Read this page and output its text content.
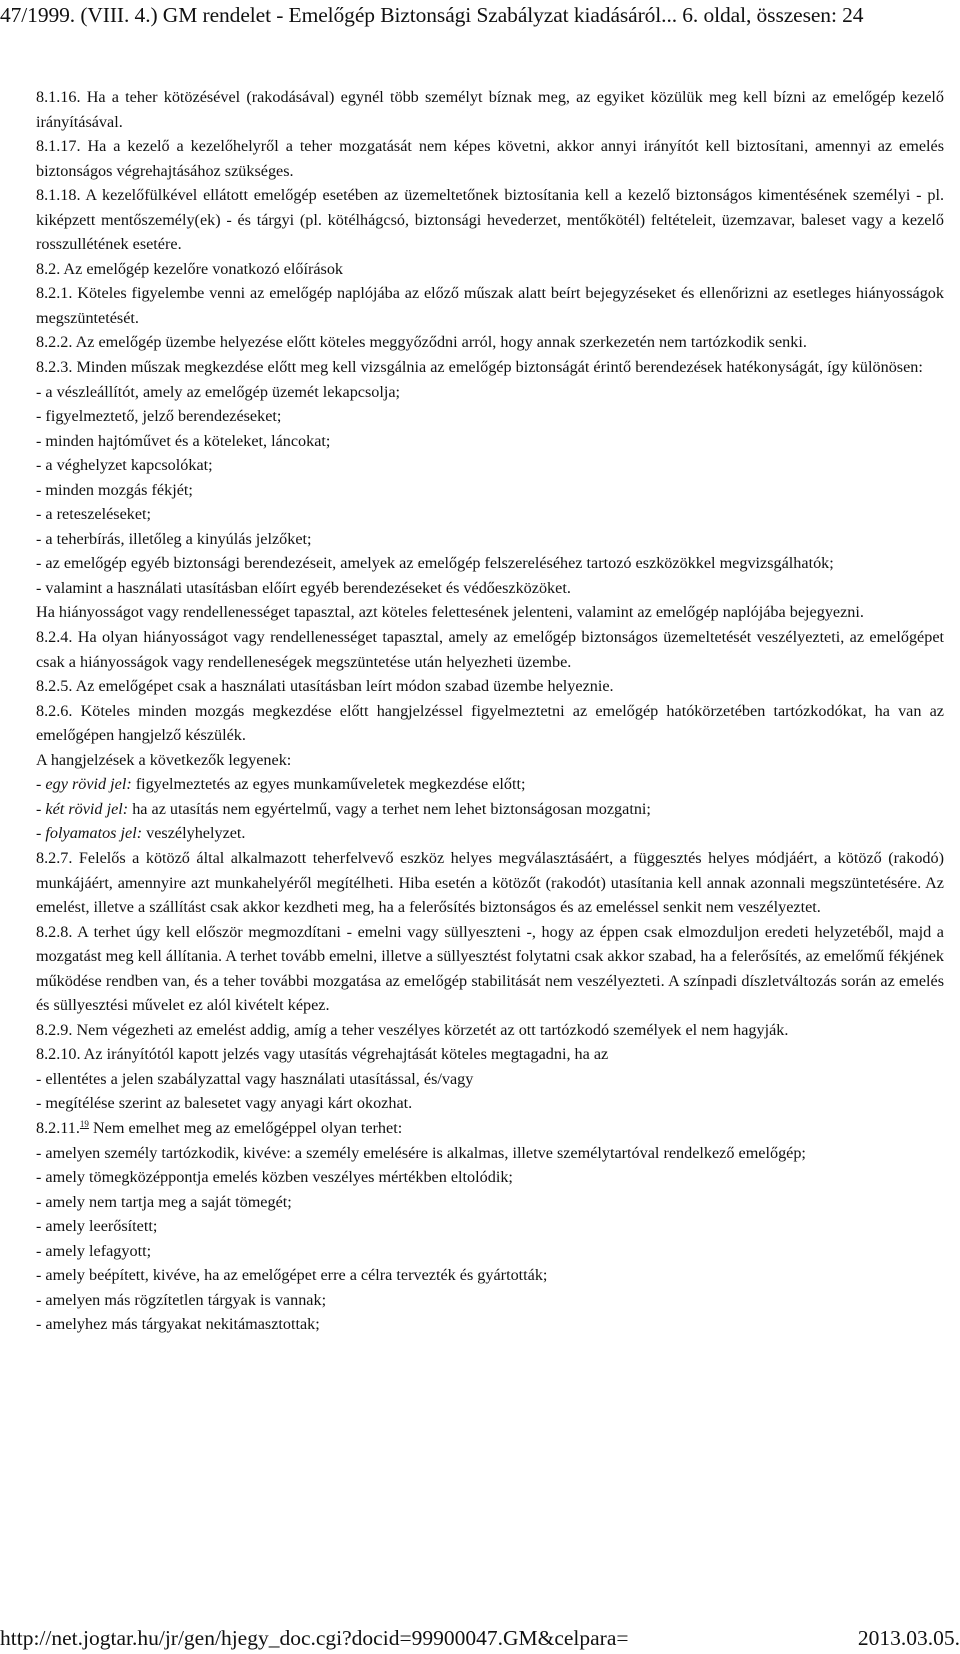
47/1999. (VIII. 4.) GM rendelet - Emelőgép Biztonsági Szabályzat kiadásáról... 6. oldal, összesen: 24

8.1.16. Ha a teher kötözésével (rakodásával) egynél több személyt bíznak meg, az egyiket közülük meg kell bízni az emelőgép kezelő irányításával.

8.1.17. Ha a kezelő a kezelőhelyről a teher mozgatását nem képes követni, akkor annyi irányítót kell biztosítani, amennyi az emelés biztonságos végrehajtásához szükséges.

8.1.18. A kezelőfülkével ellátott emelőgép esetében az üzemeltetőnek biztosítania kell a kezelő biztonságos kimentésének személyi - pl. kiképzett mentőszemély(ek) - és tárgyi (pl. kötélhágcsó, biztonsági hevederzet, mentőkötél) feltételeit, üzemzavar, baleset vagy a kezelő rosszullétének esetére.

8.2. Az emelőgép kezelőre vonatkozó előírások

8.2.1. Köteles figyelembe venni az emelőgép naplójába az előző műszak alatt beírt bejegyzéseket és ellenőrizni az esetleges hiányosságok megszüntetését.

8.2.2. Az emelőgép üzembe helyezése előtt köteles meggyőződni arról, hogy annak szerkezetén nem tartózkodik senki.

8.2.3. Minden műszak megkezdése előtt meg kell vizsgálnia az emelőgép biztonságát érintő berendezések hatékonyságát, így különösen:

- a vészleállítót, amely az emelőgép üzemét lekapcsolja;

- figyelmeztető, jelző berendezéseket;

- minden hajtóművet és a köteleket, láncokat;

- a véghelyzet kapcsolókat;

- minden mozgás fékjét;

- a reteszeléseket;

- a teherbírás, illetőleg a kinyúlás jelzőket;

- az emelőgép egyéb biztonsági berendezéseit, amelyek az emelőgép felszereléséhez tartozó eszközökkel megvizsgálhatók;

- valamint a használati utasításban előírt egyéb berendezéseket és védőeszközöket.

Ha hiányosságot vagy rendellenességet tapasztal, azt köteles felettesének jelenteni, valamint az emelőgép naplójába bejegyezni.

8.2.4. Ha olyan hiányosságot vagy rendellenességet tapasztal, amely az emelőgép biztonságos üzemeltetését veszélyezteti, az emelőgépet csak a hiányosságok vagy rendelleneségek megszüntetése után helyezheti üzembe.

8.2.5. Az emelőgépet csak a használati utasításban leírt módon szabad üzembe helyeznie.

8.2.6. Köteles minden mozgás megkezdése előtt hangjelzéssel figyelmeztetni az emelőgép hatókörzetében tartózkodókat, ha van az emelőgépen hangjelző készülék.

A hangjelzések a következők legyenek:

- egy rövid jel: figyelmeztetés az egyes munkaműveletek megkezdése előtt;

- két rövid jel: ha az utasítás nem egyértelmű, vagy a terhet nem lehet biztonságosan mozgatni;

- folyamatos jel: veszélyhelyzet.

8.2.7. Felelős a kötöző által alkalmazott teherfelvevő eszköz helyes megválasztásáért, a függesztés helyes módjáért, a kötöző (rakodó) munkájáért, amennyire azt munkahelyéről megítélheti. Hiba esetén a kötözőt (rakodót) utasítania kell annak azonnali megszüntetésére. Az emelést, illetve a szállítást csak akkor kezdheti meg, ha a felerősítés biztonságos és az emeléssel senkit nem veszélyeztet.

8.2.8. A terhet úgy kell először megmozdítani - emelni vagy süllyeszteni -, hogy az éppen csak elmozduljon eredeti helyzetéből, majd a mozgatást meg kell állítania. A terhet tovább emelni, illetve a süllyesztést folytatni csak akkor szabad, ha a felerősítés, az emelőmű fékjének működése rendben van, és a teher további mozgatása az emelőgép stabilitását nem veszélyezteti. A színpadi díszletváltozás során az emelés és süllyesztési művelet ez alól kivételt képez.

8.2.9. Nem végezheti az emelést addig, amíg a teher veszélyes körzetét az ott tartózkodó személyek el nem hagyják.

8.2.10. Az irányítótól kapott jelzés vagy utasítás végrehajtását köteles megtagadni, ha az

- ellentétes a jelen szabályzattal vagy használati utasítással, és/vagy

- megítélése szerint az balesetet vagy anyagi kárt okozhat.

8.2.11.19 Nem emelhet meg az emelőgéppel olyan terhet:

- amelyen személy tartózkodik, kivéve: a személy emelésére is alkalmas, illetve személytartóval rendelkező emelőgép;

- amely tömegközéppontja emelés közben veszélyes mértékben eltolódik;

- amely nem tartja meg a saját tömegét;

- amely leerősített;

- amely lefagyott;

- amely beépített, kivéve, ha az emelőgépet erre a célra tervezték és gyártották;

- amelyen más rögzítetlen tárgyak is vannak;

- amelyhez más tárgyakat nekitámasztottak;

http://net.jogtar.hu/jr/gen/hjegy_doc.cgi?docid=99900047.GM&celpara=	2013.03.05.
